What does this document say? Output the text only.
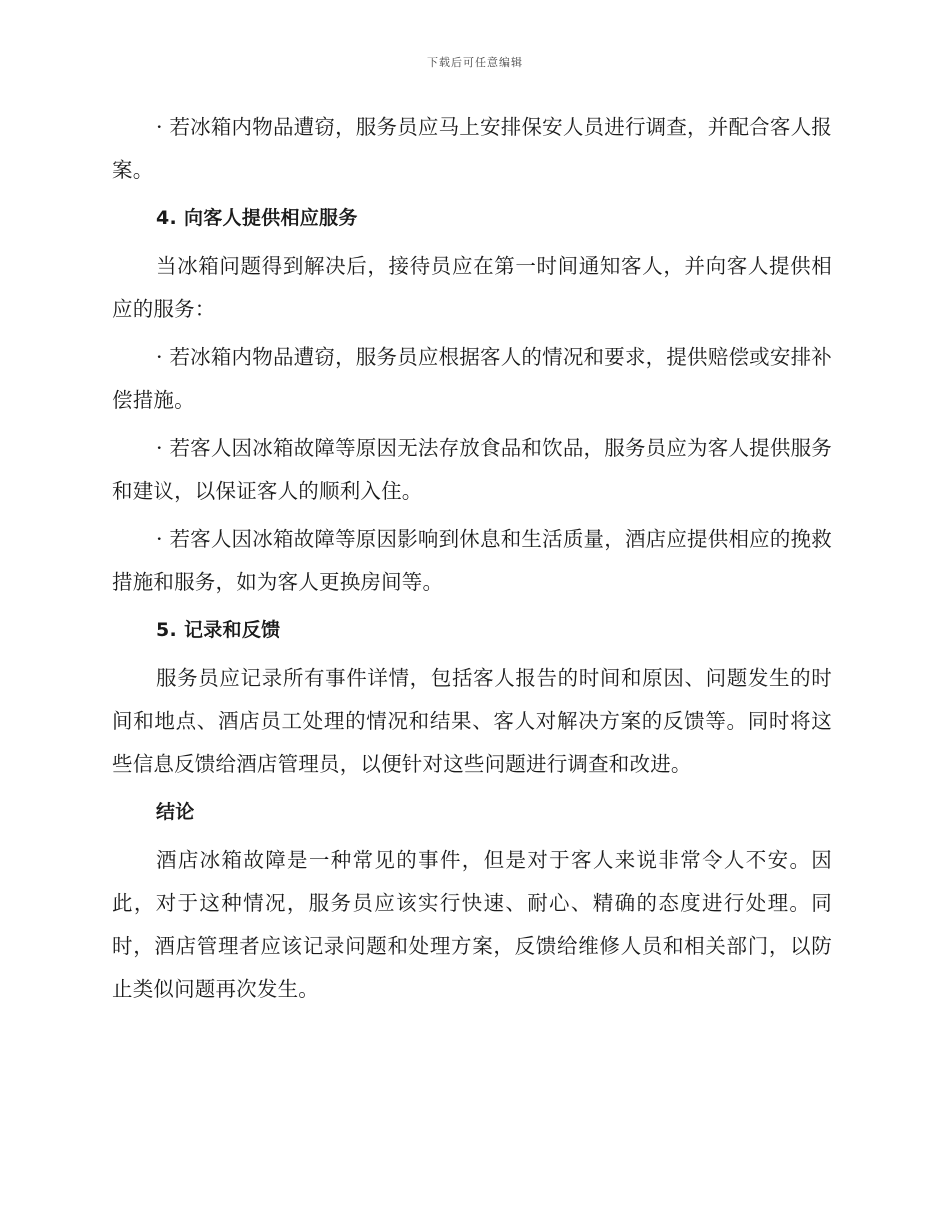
下载后可任意编辑

· 若冰箱内物品遭窃，服务员应马上安排保安人员进行调查，并配合客人报案。

4. 向客人提供相应服务

当冰箱问题得到解决后，接待员应在第一时间通知客人，并向客人提供相应的服务：

· 若冰箱内物品遭窃，服务员应根据客人的情况和要求，提供赔偿或安排补偿措施。

· 若客人因冰箱故障等原因无法存放食品和饮品，服务员应为客人提供服务和建议，以保证客人的顺利入住。

· 若客人因冰箱故障等原因影响到休息和生活质量，酒店应提供相应的挽救措施和服务，如为客人更换房间等。

5. 记录和反馈

服务员应记录所有事件详情，包括客人报告的时间和原因、问题发生的时间和地点、酒店员工处理的情况和结果、客人对解决方案的反馈等。同时将这些信息反馈给酒店管理员，以便针对这些问题进行调查和改进。

结论

酒店冰箱故障是一种常见的事件，但是对于客人来说非常令人不安。因此，对于这种情况，服务员应该实行快速、耐心、精确的态度进行处理。同时，酒店管理者应该记录问题和处理方案，反馈给维修人员和相关部门，以防止类似问题再次发生。
